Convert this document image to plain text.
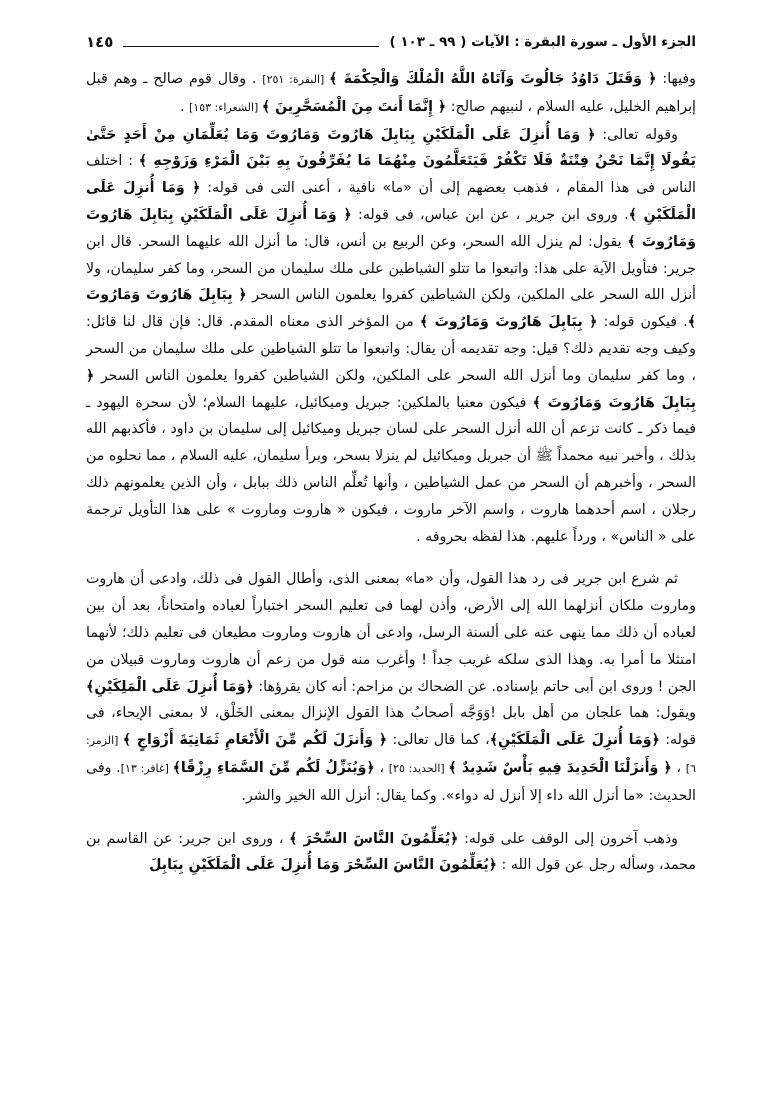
الجزء الأول ـ سورة البقرة : الآيات ( ٩٩ ـ ١٠٣ )
١٤٥

وفيها: ﴿ وَقَتَلَ دَاوُدُ جَالُوتَ وَآتَاهُ اللَّهُ الْمُلْكَ وَالْحِكْمَةَ ﴾ [البقرة: ٢٥١] . وقال قوم صالح ـ وهم قبل إبراهيم الخليل، عليه السلام ، لنبيهم صالح: ﴿ إِنَّمَا أَنتَ مِنَ الْمُسَحَّرِينَ ﴾ [الشعراء: ١٥٣] .

وقوله تعالى: ﴿ وَمَا أُنزِلَ عَلَى الْمَلَكَيْنِ بِبَابِلَ هَارُوتَ وَمَارُوتَ وَمَا يُعَلِّمَانِ مِنْ أَحَدٍ حَتَّىٰ يَقُولَا إِنَّمَا نَحْنُ فِتْنَةٌ فَلَا تَكْفُرْ فَيَتَعَلَّمُونَ مِنْهُمَا مَا يُفَرِّقُونَ بِهِ بَيْنَ الْمَرْءِ وَزَوْجِهِ ﴾ : اختلف الناس فى هذا المقام ، فذهب بعضهم إلى أن «ما» نافية ، أعنى التى فى قوله: ﴿ وَمَا أُنزِلَ عَلَى الْمَلَكَيْنِ ﴾. وروى ابن جرير ، عن ابن عباس، فى قوله: ﴿ وَمَا أُنزِلَ عَلَى الْمَلَكَيْنِ بِبَابِلَ هَارُوتَ وَمَارُوتَ ﴾ يقول: لم ينزل الله السحر، وعن الربيع بن أنس، قال: ما أنزل الله عليهما السحر. قال ابن جرير: فتأويل الآية على هذا: واتبعوا ما تتلو الشياطين على ملك سليمان من السحر، وما كفر سليمان، ولا أنزل الله السحر على الملكين، ولكن الشياطين كفروا يعلمون الناس السحر ﴿ بِبَابِلَ هَارُوتَ وَمَارُوتَ ﴾. فيكون قوله: ﴿ بِبَابِلَ هَارُوتَ وَمَارُوتَ ﴾ من المؤخر الذى معناه المقدم. قال: فإن قال لنا قائل: وكيف وجه تقديم ذلك؟ قيل: وجه تقديمه أن يقال: واتبعوا ما تتلو الشياطين على ملك سليمان من السحر ، وما كفر سليمان وما أنزل الله السحر على الملكين، ولكن الشياطين كفروا يعلمون الناس السحر ﴿ بِبَابِلَ هَارُوتَ وَمَارُوتَ ﴾ فيكون معنيا بالملكين: جبريل وميكائيل، عليهما السلام؛ لأن سحرة اليهود ـ فيما ذكر ـ كانت تزعم أن الله أنزل السحر على لسان جبريل وميكائيل إلى سليمان بن داود ، فأكذبهم الله بذلك ، وأخبر نبيه محمداً ﷺ أن جبريل وميكائيل لم ينزلا بسحر، وبرأ سليمان، عليه السلام ، مما نحلوه من السحر ، وأخبرهم أن السحر من عمل الشياطين ، وأنها تُعلِّم الناس ذلك ببابل ، وأن الذين يعلمونهم ذلك رجلان ، اسم أحدهما هاروت ، واسم الآخر ماروت ، فيكون « هاروت وماروت » على هذا التأويل ترجمة على « الناس» ، ورداً عليهم. هذا لفظه بحروفه .

ثم شرع ابن جرير فى رد هذا القول، وأن «ما» بمعنى الذى، وأطال القول فى ذلك، وادعى أن هاروت وماروت ملكان أنزلهما الله إلى الأرض، وأذن لهما فى تعليم السحر اختباراً لعباده وامتحاناً، بعد أن بين لعباده أن ذلك مما ينهى عنه على ألسنة الرسل، وادعى أن هاروت وماروت مطيعان فى تعليم ذلك؛ لأنهما امتثلا ما أمرا به. وهذا الذى سلكه غريب جداً ! وأغرب منه قول من زعم أن هاروت وماروت قبيلان من الجن ! وروى ابن أبى حاتم بإسناده. عن الضحاك بن مزاحم: أنه كان يقرؤها: ﴿وَمَا أُنزِلَ عَلَى الْمَلِكَيْنِ﴾ ويقول: هما علجان من أهل بابل !وَوَجَّه أصحابُ هذا القول الإنزال بمعنى الخَلْق، لا بمعنى الإيحاء، فى قوله: ﴿وَمَا أُنزِلَ عَلَى الْمَلَكَيْنِ﴾، كما قال تعالى: ﴿ وَأَنزَلَ لَكُم مِّنَ الْأَنْعَامِ ثَمَانِيَةَ أَزْوَاجٍ ﴾ [الزمر: ٦] ، ﴿ وَأَنزَلْنَا الْحَدِيدَ فِيهِ بَأْسٌ شَدِيدٌ ﴾ [الحديد: ٢٥] ، ﴿وَيُنَزِّلُ لَكُم مِّنَ السَّمَاءِ رِزْقًا﴾ [غافر: ١٣]. وفى الحديث: «ما أنزل الله داء إلا أنزل له دواء». وكما يقال: أنزل الله الخير والشر.

وذهب آخرون إلى الوقف على قوله: ﴿يُعَلِّمُونَ النَّاسَ السِّحْرَ ﴾ ، وروى ابن جرير: عن القاسم بن محمد، وسأله رجل عن قول الله : ﴿يُعَلِّمُونَ النَّاسَ السِّحْرَ وَمَا أُنزِلَ عَلَى الْمَلَكَيْنِ بِبَابِلَ
